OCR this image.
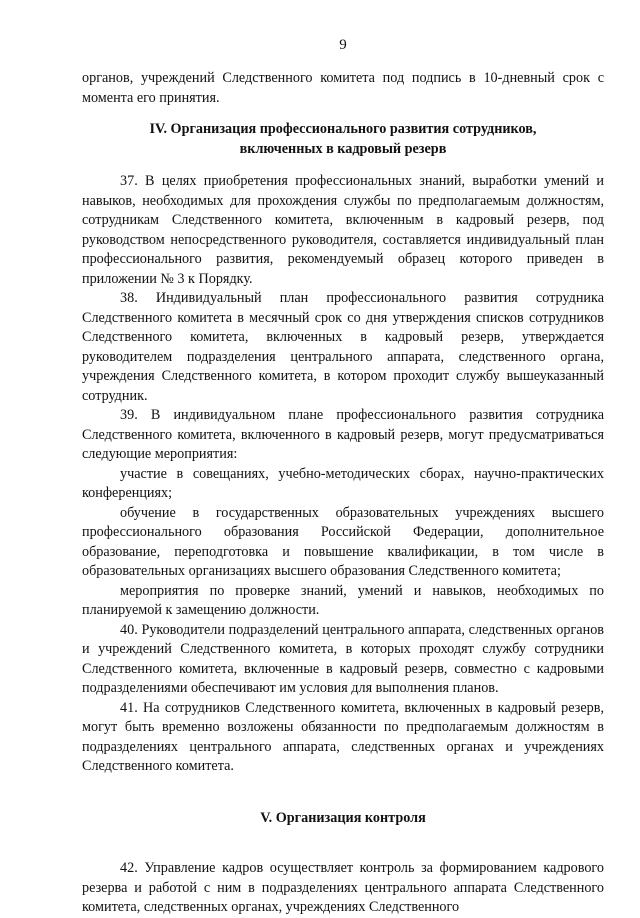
9

органов, учреждений Следственного комитета под подпись в 10-дневный срок с момента его принятия.

IV. Организация профессионального развития сотрудников,
включенных в кадровый резерв

37. В целях приобретения профессиональных знаний, выработки умений и навыков, необходимых для прохождения службы по предполагаемым должностям, сотрудникам Следственного комитета, включенным в кадровый резерв, под руководством непосредственного руководителя, составляется индивидуальный план профессионального развития, рекомендуемый образец которого приведен в приложении № 3 к Порядку.

38. Индивидуальный план профессионального развития сотрудника Следственного комитета в месячный срок со дня утверждения списков сотрудников Следственного комитета, включенных в кадровый резерв, утверждается руководителем подразделения центрального аппарата, следственного органа, учреждения Следственного комитета, в котором проходит службу вышеуказанный сотрудник.

39. В индивидуальном плане профессионального развития сотрудника Следственного комитета, включенного в кадровый резерв, могут предусматриваться следующие мероприятия:

участие в совещаниях, учебно-методических сборах, научно-практических конференциях;

обучение в государственных образовательных учреждениях высшего профессионального образования Российской Федерации, дополнительное образование, переподготовка и повышение квалификации, в том числе в образовательных организациях высшего образования Следственного комитета;

мероприятия по проверке знаний, умений и навыков, необходимых по планируемой к замещению должности.

40. Руководители подразделений центрального аппарата, следственных органов и учреждений Следственного комитета, в которых проходят службу сотрудники Следственного комитета, включенные в кадровый резерв, совместно с кадровыми подразделениями обеспечивают им условия для выполнения планов.

41. На сотрудников Следственного комитета, включенных в кадровый резерв, могут быть временно возложены обязанности по предполагаемым должностям в подразделениях центрального аппарата, следственных органах и учреждениях Следственного комитета.

V. Организация контроля

42. Управление кадров осуществляет контроль за формированием кадрового резерва и работой с ним в подразделениях центрального аппарата Следственного комитета, следственных органах, учреждениях Следственного
